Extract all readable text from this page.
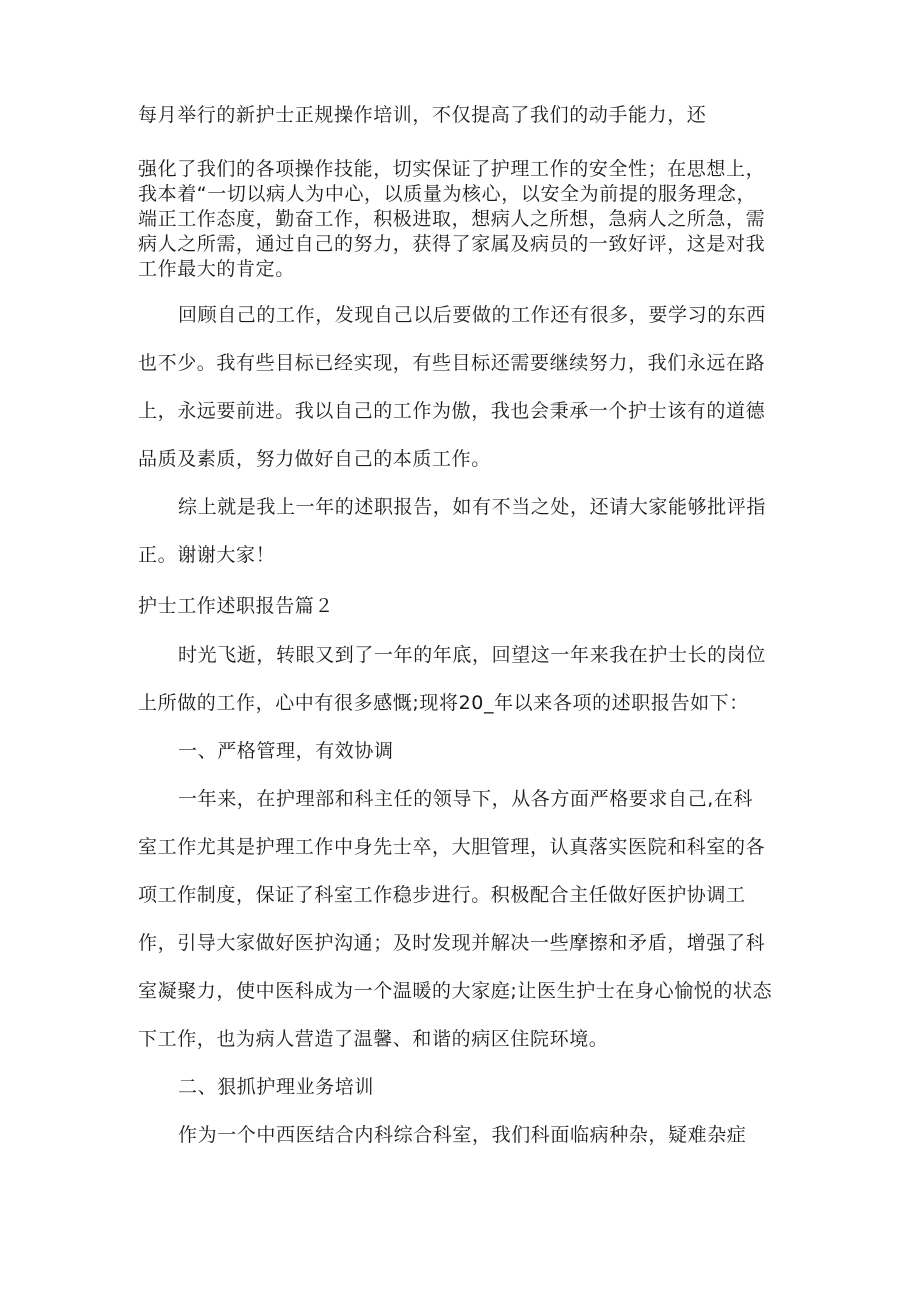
每月举行的新护士正规操作培训，不仅提高了我们的动手能力，还
强化了我们的各项操作技能，切实保证了护理工作的安全性；在思想上，
我本着“一切以病人为中心，以质量为核心，以安全为前提的服务理念，
端正工作态度，勤奋工作，积极进取，想病人之所想，急病人之所急，需
病人之所需，通过自己的努力，获得了家属及病员的一致好评，这是对我
工作最大的肯定。
回顾自己的工作，发现自己以后要做的工作还有很多，要学习的东西
也不少。我有些目标已经实现，有些目标还需要继续努力，我们永远在路
上，永远要前进。我以自己的工作为傲，我也会秉承一个护士该有的道德
品质及素质，努力做好自己的本质工作。
综上就是我上一年的述职报告，如有不当之处，还请大家能够批评指
正。谢谢大家！
护士工作述职报告篇２
时光飞逝，转眼又到了一年的年底，回望这一年来我在护士长的岗位
上所做的工作，心中有很多感慨;现将20_年以来各项的述职报告如下：
一、严格管理，有效协调
一年来，在护理部和科主任的领导下，从各方面严格要求自己,在科
室工作尤其是护理工作中身先士卒，大胆管理，认真落实医院和科室的各
项工作制度，保证了科室工作稳步进行。积极配合主任做好医护协调工
作，引导大家做好医护沟通；及时发现并解决一些摩擦和矛盾，增强了科
室凝聚力，使中医科成为一个温暖的大家庭;让医生护士在身心愉悦的状态
下工作，也为病人营造了温馨、和谐的病区住院环境。
二、狠抓护理业务培训
作为一个中西医结合内科综合科室，我们科面临病种杂，疑难杂症
